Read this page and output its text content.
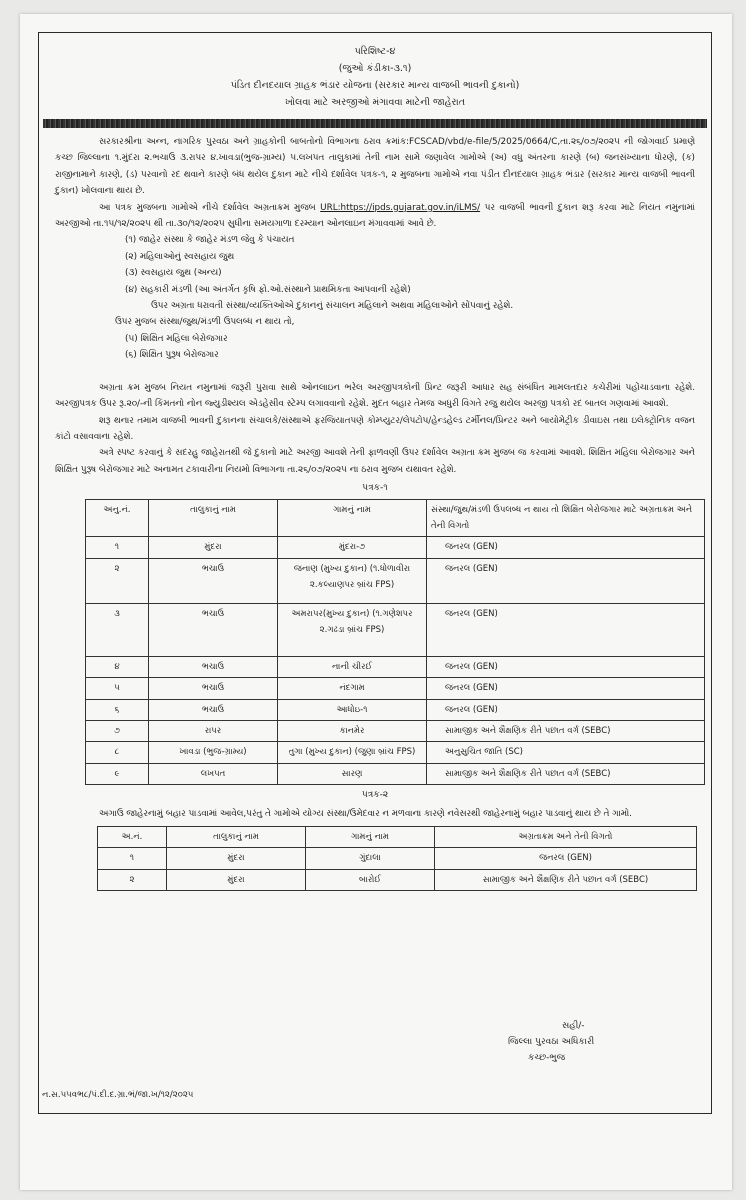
પરિશિષ્ટ-૪
(જુઓ કંડીકા-૩.૧)
પંડિત દીનદયાલ ગ્રાહક ભંડાર યોજના (સરકાર માન્ય વાજબી ભાવની દુકાનો)
ખોલવા માટે અરજીઓ મંગાવવા માટેની જાહેરાત
સરકારશ્રીના અન્ન, નાગરિક પુરવઠા અને ગ્રાહકોની બાબતોનો વિભાગના ઠરાવ ક્રમાંક:FCSCAD/vbd/e-file/5/2025/0664/C,તા.૨૬/૦૭/૨૦૨૫ ની જોગવાઈ પ્રમાણે કચ્છ જિલ્લાના ૧.મુંદરા ૨.ભચાઉ ૩.રાપર ૪.ખાવડા(ભુજ-ગ્રામ્ય) ૫.લખપત તાલુકામાં તેની નામ સામે જણાવેલ ગામોએ (અ) વધુ અંતરના કારણે (બ) જનસંખ્યાના ધોરણે, (ક) રાજીનામાને કારણે, (ડ) પરવાનો રદ થવાને કારણે બંધ થયેલ દુકાન માટે નીચે દર્શાવેલ પત્રક-૧, ૨ મુજબના ગામોએ નવા પંડીત દીનદયાલ ગ્રાહક ભંડાર (સરકાર માન્ય વાજબી ભાવની દુકાન) ખોલવાના થાય છે.
આ પત્રક મુજબના ગામોએ નીચે દર્શાવેલ અગ્રતાક્રમ મુજબ URL:https://ipds.gujarat.gov.in/iLMS/ પર વાજબી ભાવની દુકાન શરૂ કરવા માટે નિયત નમુનામાં અરજીઓ તા.૧૫/૧૨/૨૦૨૫ થી તા.૩૦/૧૨/૨૦૨૫ સુધીના સમયગાળા દરમ્યાન ઓનલાઇન મંગાવવામાં આવે છે.
(૧) જાહેર સંસ્થા કે જાહેર મંડળ જેવુ કે પંચાયત
(૨) મહિલાઓનું સ્વસહાય જુથ
(૩) સ્વસહાય જુથ (અન્ય)
(૪) સહકારી મંડળી (આ અંતર્ગત કૃષિ ફો.ઓ.સંસ્થાને પ્રાથમિકતા આપવાની રહેશે)
ઉપર અગ્રતા ધરાવતી સંસ્થા/વ્યક્તિઓએ દુકાનનું સંચાલન મહિલાને અથવા મહિલાઓને સોંપવાનું રહેશે.
ઉપર મુજબ સંસ્થા/જુથ/મંડળી ઉપલબ્ધ ન થાય તો,
(૫) શિક્ષિત મહિલા બેરોજગાર
(૬) શિક્ષિત પુરૂષ બેરોજગાર
અગ્રતા ક્રમ મુજબ નિયત નમુનામાં જરૂરી પુરાવા સાથે ઓનલાઇન ભરેલ અરજીપત્રકોની પ્રિન્ટ જરૂરી આધાર સહ સંબંધિત મામલતદાર કચેરીમાં પહોંચાડવાના રહેશે. અરજીપત્રક ઉપર રૂ.૨૦/-ની કિંમતનો નોન જ્યુડીશ્યલ એડહેસીવ સ્ટેમ્પ લગાવવાનો રહેશે. મુદત બહાર તેમજ અધુરી વિગતે રજુ થયેલ અરજી પત્રકો રદ બાતલ ગણવામાં આવશે.
શરૂ થનાર તમામ વાજબી ભાવની દુકાનના સંચાલકે/સંસ્થાએ ફરજિયાતપણે કોમ્પ્યુટર/લેપટોપ/હેન્ડહેલ્ડ ટર્મીનલ/પ્રિન્ટર અને બાયોમેટ્રીક ડીવાઇસ તથા ઇલેક્ટ્રોનિક વજન કાંટો વસાવવાના રહેશે.
અત્રે સ્પષ્ટ કરવાનું કે સદરહુ જાહેરાતથી જે દુકાનો માટે અરજી આવશે તેની ફાળવણી ઉપર દર્શાવેલ અગ્રતા ક્રમ મુજબ જ કરવામાં આવશે. શિક્ષિત મહિલા બેરોજગાર અને શિક્ષિત પુરૂષ બેરોજગાર માટે અનામત ટકાવારીના નિયમો વિભાગના તા.૨૬/૦૭/૨૦૨૫ ના ઠરાવ મુજબ યથાવત રહેશે.
પત્રક-૧
અનુ.નં.	તાલુકાનું નામ	ગામનું નામ	સંસ્થા/જુથ/મંડળી ઉપલબ્ધ ન થાય તો શિક્ષિત બેરોજગાર માટે અગ્રતાક્રમ અને તેની વિગતો
૧	મુંદરા	મુંદરા-૭	જનરલ (GEN)
૨	ભચાઉ	જનાણ (મુખ્ય દુકાન) (૧.ધોળાવીરા ૨.કલ્યાણપર બ્રાંચ FPS)	જનરલ (GEN)
૩	ભચાઉ	અમરાપર(મુખ્ય દુકાન) (૧.ગણેશપર ૨.ગઢડા બ્રાંચ FPS)	જનરલ (GEN)
૪	ભચાઉ	નાની ચીરઈ	જનરલ (GEN)
૫	ભચાઉ	નંદગામ	જનરલ (GEN)
૬	ભચાઉ	આધોઇ-૧	જનરલ (GEN)
૭	રાપર	કાનમેર	સામાજીક અને શૈક્ષણિક રીતે પછાત વર્ગ (SEBC)
૮	ખાવડા (ભુજ-ગ્રામ્ય)	તુગા (મુખ્ય દુકાન) (જુણા બ્રાંચ FPS)	અનુસુચિત જાતિ (SC)
૯	લખપત	સારણ	સામાજીક અને શૈક્ષણિક રીતે પછાત વર્ગ (SEBC)
પત્રક-૨
અગાઉ જાહેરનામું બહાર પાડવામાં આવેલ,પરંતુ તે ગામોએ યોગ્ય સંસ્થા/ઉમેદવાર ન મળવાના કારણે નવેસરથી જાહેરનામું બહાર પાડવાનું થાય છે તે ગામો.
અ.નં.	તાલુકાનું નામ	ગામનું નામ	અગ્રતાક્રમ અને તેની વિગતો
૧	મુંદરા	ગુંદાલા	જનરલ (GEN)
૨	મુંદરા	બારોઈ	સામાજીક અને શૈક્ષણિક રીતે પછાત વર્ગ (SEBC)
સહી/-
જિલ્લા પુરવઠા અધિકારી
કચ્છ-ભુજ
ન.સ.૫૫વભ૮/પં.દી.દ.ગ્રા.ભં/જા.ખ/૧૨/૨૦૨૫
